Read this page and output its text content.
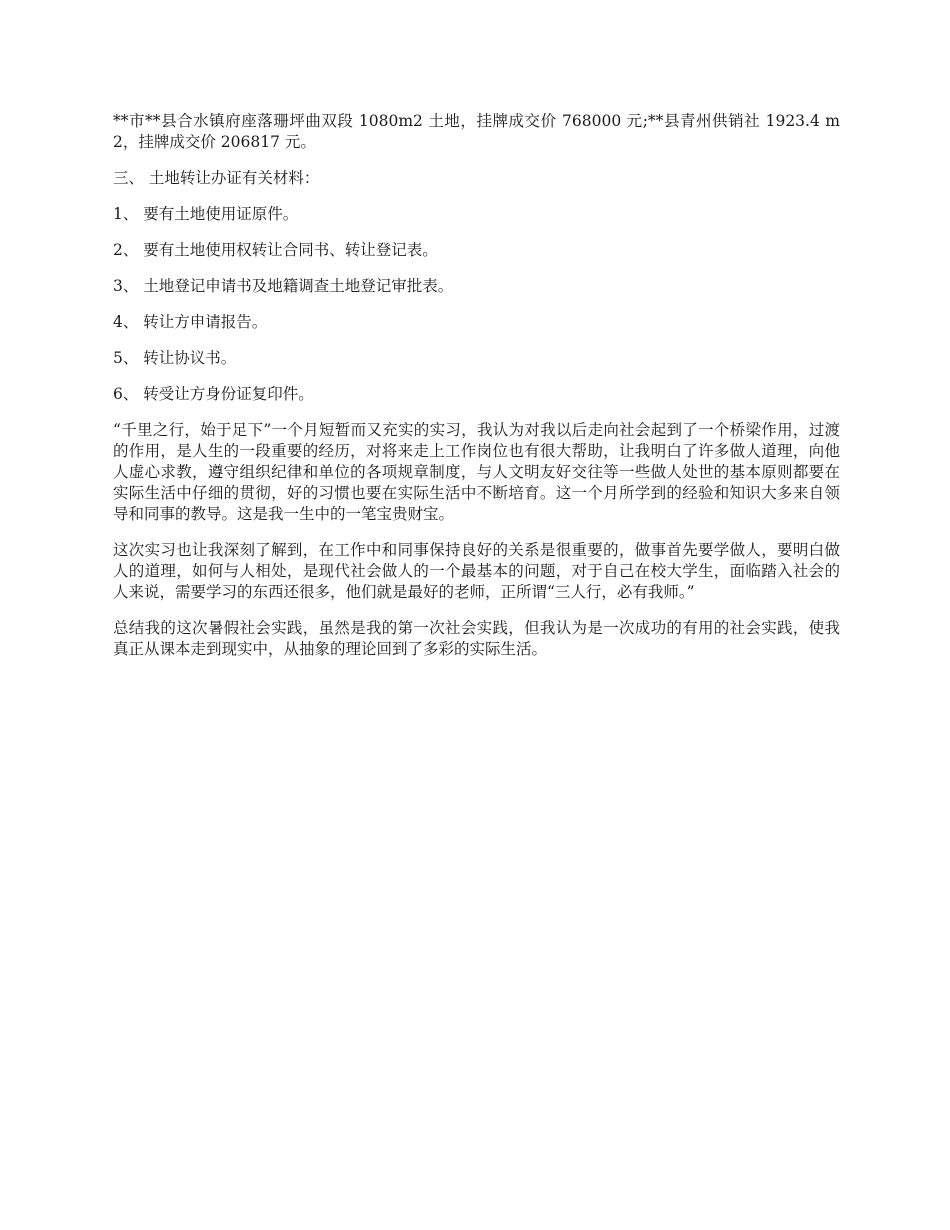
**市**县合水镇府座落珊坪曲双段 1080m2 土地，挂牌成交价 768000 元;**县青州供销社 1923.4 m2，挂牌成交价 206817 元。

三、 土地转让办证有关材料：

1、 要有土地使用证原件。

2、 要有土地使用权转让合同书、转让登记表。

3、 土地登记申请书及地籍调查土地登记审批表。

4、 转让方申请报告。

5、 转让协议书。

6、 转受让方身份证复印件。

“千里之行，始于足下”一个月短暂而又充实的实习，我认为对我以后走向社会起到了一个桥梁作用，过渡的作用，是人生的一段重要的经历，对将来走上工作岗位也有很大帮助，让我明白了许多做人道理，向他人虚心求教，遵守组织纪律和单位的各项规章制度，与人文明友好交往等一些做人处世的基本原则都要在实际生活中仔细的贯彻，好的习惯也要在实际生活中不断培育。这一个月所学到的经验和知识大多来自领导和同事的教导。这是我一生中的一笔宝贵财宝。

这次实习也让我深刻了解到，在工作中和同事保持良好的关系是很重要的，做事首先要学做人，要明白做人的道理，如何与人相处，是现代社会做人的一个最基本的问题，对于自己在校大学生，面临踏入社会的人来说，需要学习的东西还很多，他们就是最好的老师，正所谓“三人行，必有我师。”

总结我的这次暑假社会实践，虽然是我的第一次社会实践，但我认为是一次成功的有用的社会实践，使我真正从课本走到现实中，从抽象的理论回到了多彩的实际生活。
